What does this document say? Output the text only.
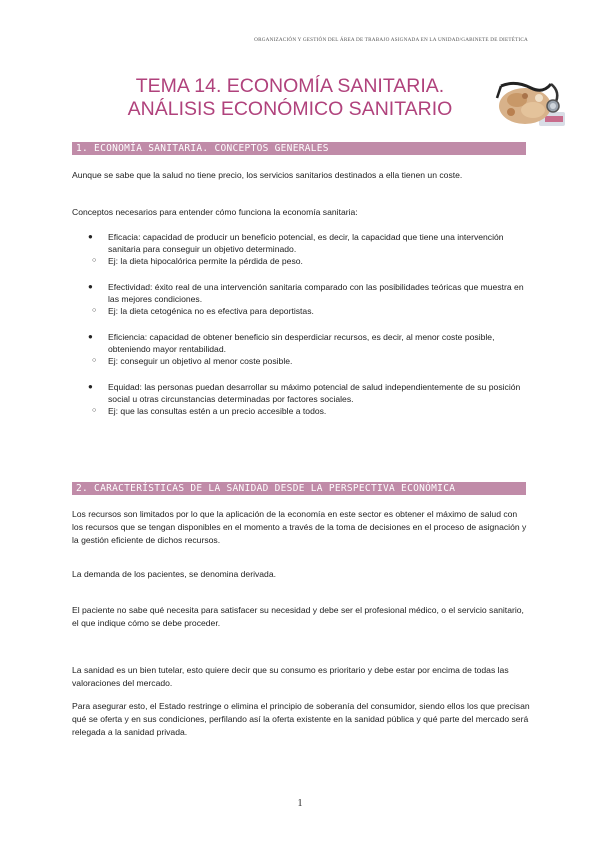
ORGANIZACIÓN Y GESTIÓN DEL ÁREA DE TRABAJO ASIGNADA EN LA UNIDAD/GABINETE DE DIETÉTICA
TEMA 14. ECONOMÍA SANITARIA.
ANÁLISIS ECONÓMICO SANITARIO
1. ECONOMÍA SANITARIA. CONCEPTOS GENERALES
Aunque se sabe que la salud no tiene precio, los servicios sanitarios destinados a ella tienen un coste.
Conceptos necesarios para entender cómo funciona la economía sanitaria:
● Eficacia: capacidad de producir un beneficio potencial, es decir, la capacidad que tiene una intervención sanitaria para conseguir un objetivo determinado.
○ Ej: la dieta hipocalórica permite la pérdida de peso.
● Efectividad: éxito real de una intervención sanitaria comparado con las posibilidades teóricas que muestra en las mejores condiciones.
○ Ej: la dieta cetogénica no es efectiva para deportistas.
● Eficiencia: capacidad de obtener beneficio sin desperdiciar recursos, es decir, al menor coste posible, obteniendo mayor rentabilidad.
○ Ej: conseguir un objetivo al menor coste posible.
● Equidad: las personas puedan desarrollar su máximo potencial de salud independientemente de su posición social u otras circunstancias determinadas por factores sociales.
○ Ej: que las consultas estén a un precio accesible a todos.
2. CARACTERÍSTICAS DE LA SANIDAD DESDE LA PERSPECTIVA ECONÓMICA
Los recursos son limitados por lo que la aplicación de la economía en este sector es obtener el máximo de salud con los recursos que se tengan disponibles en el momento a través de la toma de decisiones en el proceso de asignación y la gestión eficiente de dichos recursos.
La demanda de los pacientes, se denomina derivada.
El paciente no sabe qué necesita para satisfacer su necesidad y debe ser el profesional médico, o el servicio sanitario, el que indique cómo se debe proceder.
La sanidad es un bien tutelar, esto quiere decir que su consumo es prioritario y debe estar por encima de todas las valoraciones del mercado.
Para asegurar esto, el Estado restringe o elimina el principio de soberanía del consumidor, siendo ellos los que precisan qué se oferta y en sus condiciones, perfilando así la oferta existente en la sanidad pública y qué parte del mercado será relegada a la sanidad privada.
1
